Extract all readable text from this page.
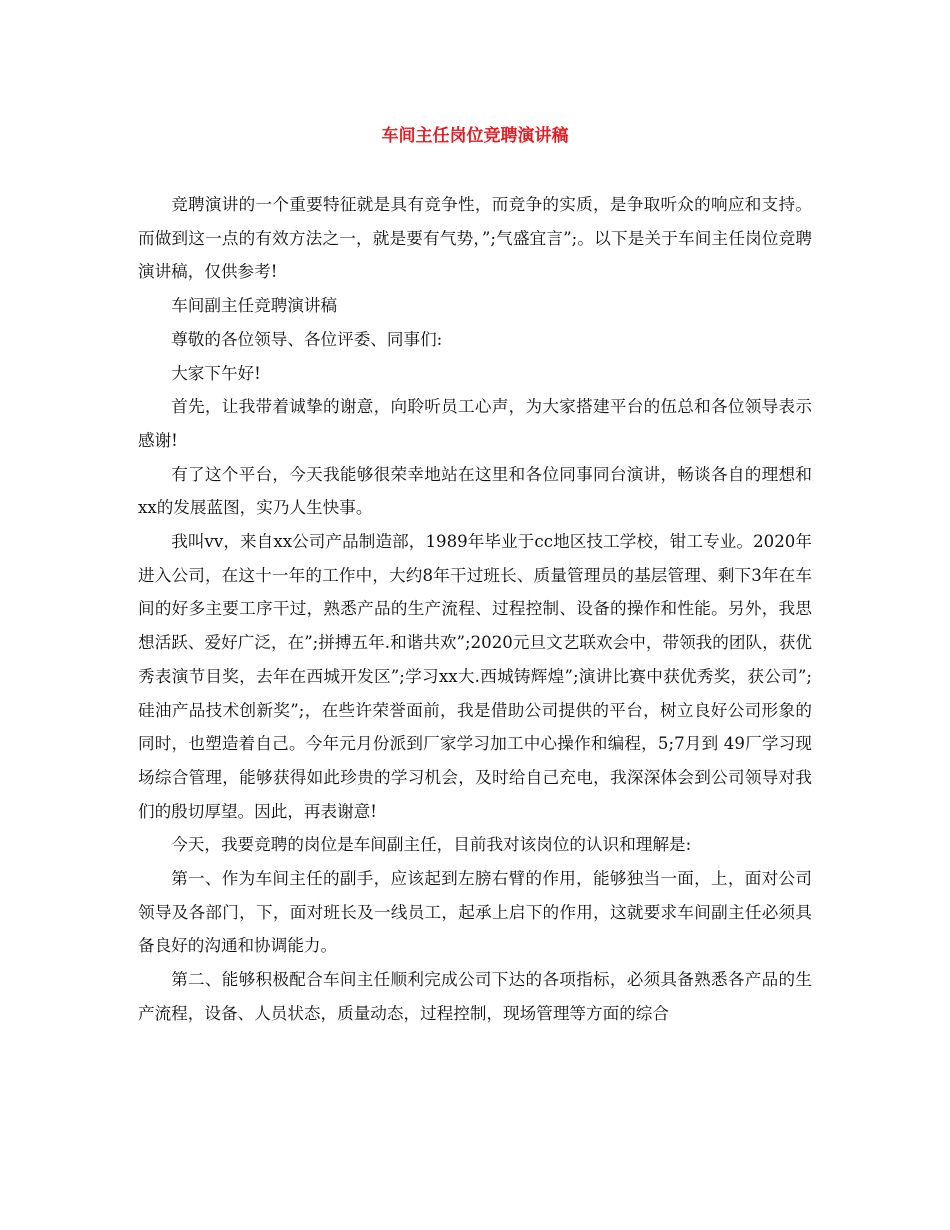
车间主任岗位竞聘演讲稿

竞聘演讲的一个重要特征就是具有竞争性，而竞争的实质，是争取听众的响应和支持。而做到这一点的有效方法之一，就是要有气势，”;气盛宜言”;。以下是关于车间主任岗位竞聘演讲稿，仅供参考!

车间副主任竞聘演讲稿

尊敬的各位领导、各位评委、同事们:

大家下午好!

首先，让我带着诚挚的谢意，向聆听员工心声，为大家搭建平台的伍总和各位领导表示感谢!

有了这个平台，今天我能够很荣幸地站在这里和各位同事同台演讲，畅谈各自的理想和xx的发展蓝图，实乃人生快事。

我叫vv，来自xx公司产品制造部，1989年毕业于cc地区技工学校，钳工专业。2020年进入公司，在这十一年的工作中，大约8年干过班长、质量管理员的基层管理、剩下3年在车间的好多主要工序干过，熟悉产品的生产流程、过程控制、设备的操作和性能。另外，我思想活跃、爱好广泛，在”;拼搏五年.和谐共欢”;2020元旦文艺联欢会中，带领我的团队，获优秀表演节目奖，去年在西城开发区”;学习xx大.西城铸辉煌”;演讲比赛中获优秀奖，获公司”;硅油产品技术创新奖”;，在些许荣誉面前，我是借助公司提供的平台，树立良好公司形象的同时，也塑造着自己。今年元月份派到厂家学习加工中心操作和编程，5;7月到 49厂学习现场综合管理，能够获得如此珍贵的学习机会，及时给自己充电，我深深体会到公司领导对我们的殷切厚望。因此，再表谢意!

今天，我要竞聘的岗位是车间副主任，目前我对该岗位的认识和理解是:

第一、作为车间主任的副手，应该起到左膀右臂的作用，能够独当一面，上，面对公司领导及各部门，下，面对班长及一线员工，起承上启下的作用，这就要求车间副主任必须具备良好的沟通和协调能力。

第二、能够积极配合车间主任顺利完成公司下达的各项指标，必须具备熟悉各产品的生产流程，设备、人员状态，质量动态，过程控制，现场管理等方面的综合
